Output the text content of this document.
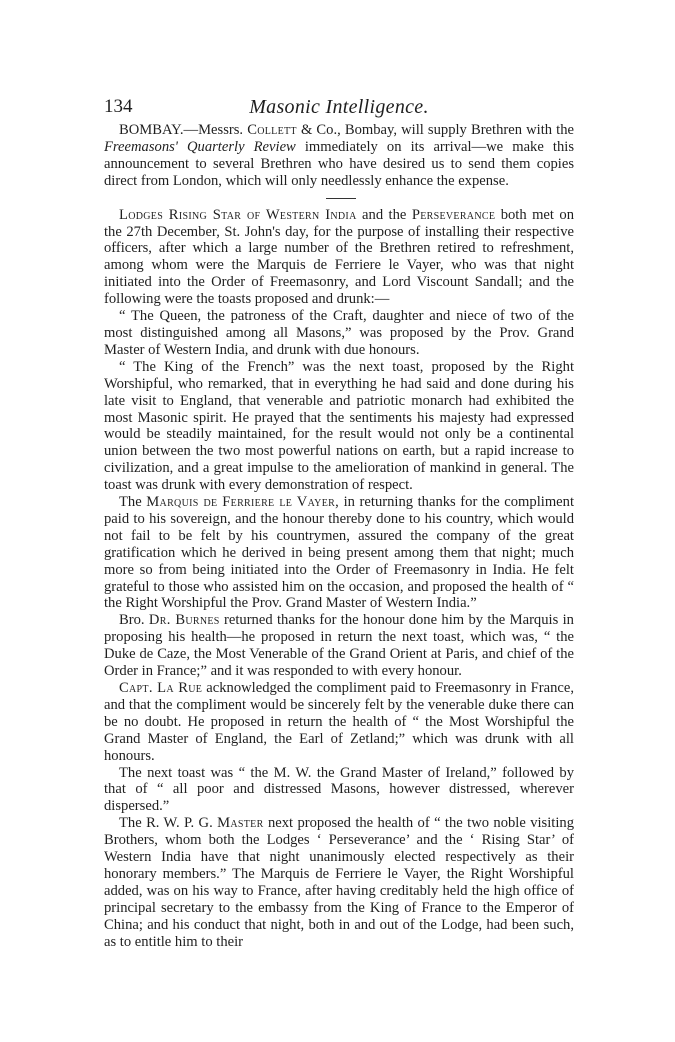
134	Masonic Intelligence.

BOMBAY.—Messrs. Collett & Co., Bombay, will supply Brethren with the Freemasons' Quarterly Review immediately on its arrival—we make this announcement to several Brethren who have desired us to send them copies direct from London, which will only needlessly enhance the expense.

Lodges Rising Star of Western India and the Perseverance both met on the 27th December, St. John's day, for the purpose of installing their respective officers, after which a large number of the Brethren retired to refreshment, among whom were the Marquis de Ferriere le Vayer, who was that night initiated into the Order of Freemasonry, and Lord Viscount Sandall; and the following were the toasts proposed and drunk:—

“ The Queen, the patroness of the Craft, daughter and niece of two of the most distinguished among all Masons,” was proposed by the Prov. Grand Master of Western India, and drunk with due honours.

“ The King of the French” was the next toast, proposed by the Right Worshipful, who remarked, that in everything he had said and done during his late visit to England, that venerable and patriotic monarch had exhibited the most Masonic spirit. He prayed that the sentiments his majesty had expressed would be steadily maintained, for the result would not only be a continental union between the two most powerful nations on earth, but a rapid increase to civilization, and a great impulse to the amelioration of mankind in general. The toast was drunk with every demonstration of respect.

The Marquis de Ferriere le Vayer, in returning thanks for the compliment paid to his sovereign, and the honour thereby done to his country, which would not fail to be felt by his countrymen, assured the company of the great gratification which he derived in being present among them that night; much more so from being initiated into the Order of Freemasonry in India. He felt grateful to those who assisted him on the occasion, and proposed the health of “ the Right Worshipful the Prov. Grand Master of Western India.”

Bro. Dr. Burnes returned thanks for the honour done him by the Marquis in proposing his health—he proposed in return the next toast, which was, “ the Duke de Caze, the Most Venerable of the Grand Orient at Paris, and chief of the Order in France;” and it was responded to with every honour.

Capt. La Rue acknowledged the compliment paid to Freemasonry in France, and that the compliment would be sincerely felt by the venerable duke there can be no doubt. He proposed in return the health of “ the Most Worshipful the Grand Master of England, the Earl of Zetland;” which was drunk with all honours.

The next toast was “ the M. W. the Grand Master of Ireland,” followed by that of “ all poor and distressed Masons, however distressed, wherever dispersed.”

The R. W. P. G. Master next proposed the health of “ the two noble visiting Brothers, whom both the Lodges ‘ Perseverance’ and the ‘ Rising Star’ of Western India have that night unanimously elected respectively as their honorary members.” The Marquis de Ferriere le Vayer, the Right Worshipful added, was on his way to France, after having creditably held the high office of principal secretary to the embassy from the King of France to the Emperor of China; and his conduct that night, both in and out of the Lodge, had been such, as to entitle him to their
